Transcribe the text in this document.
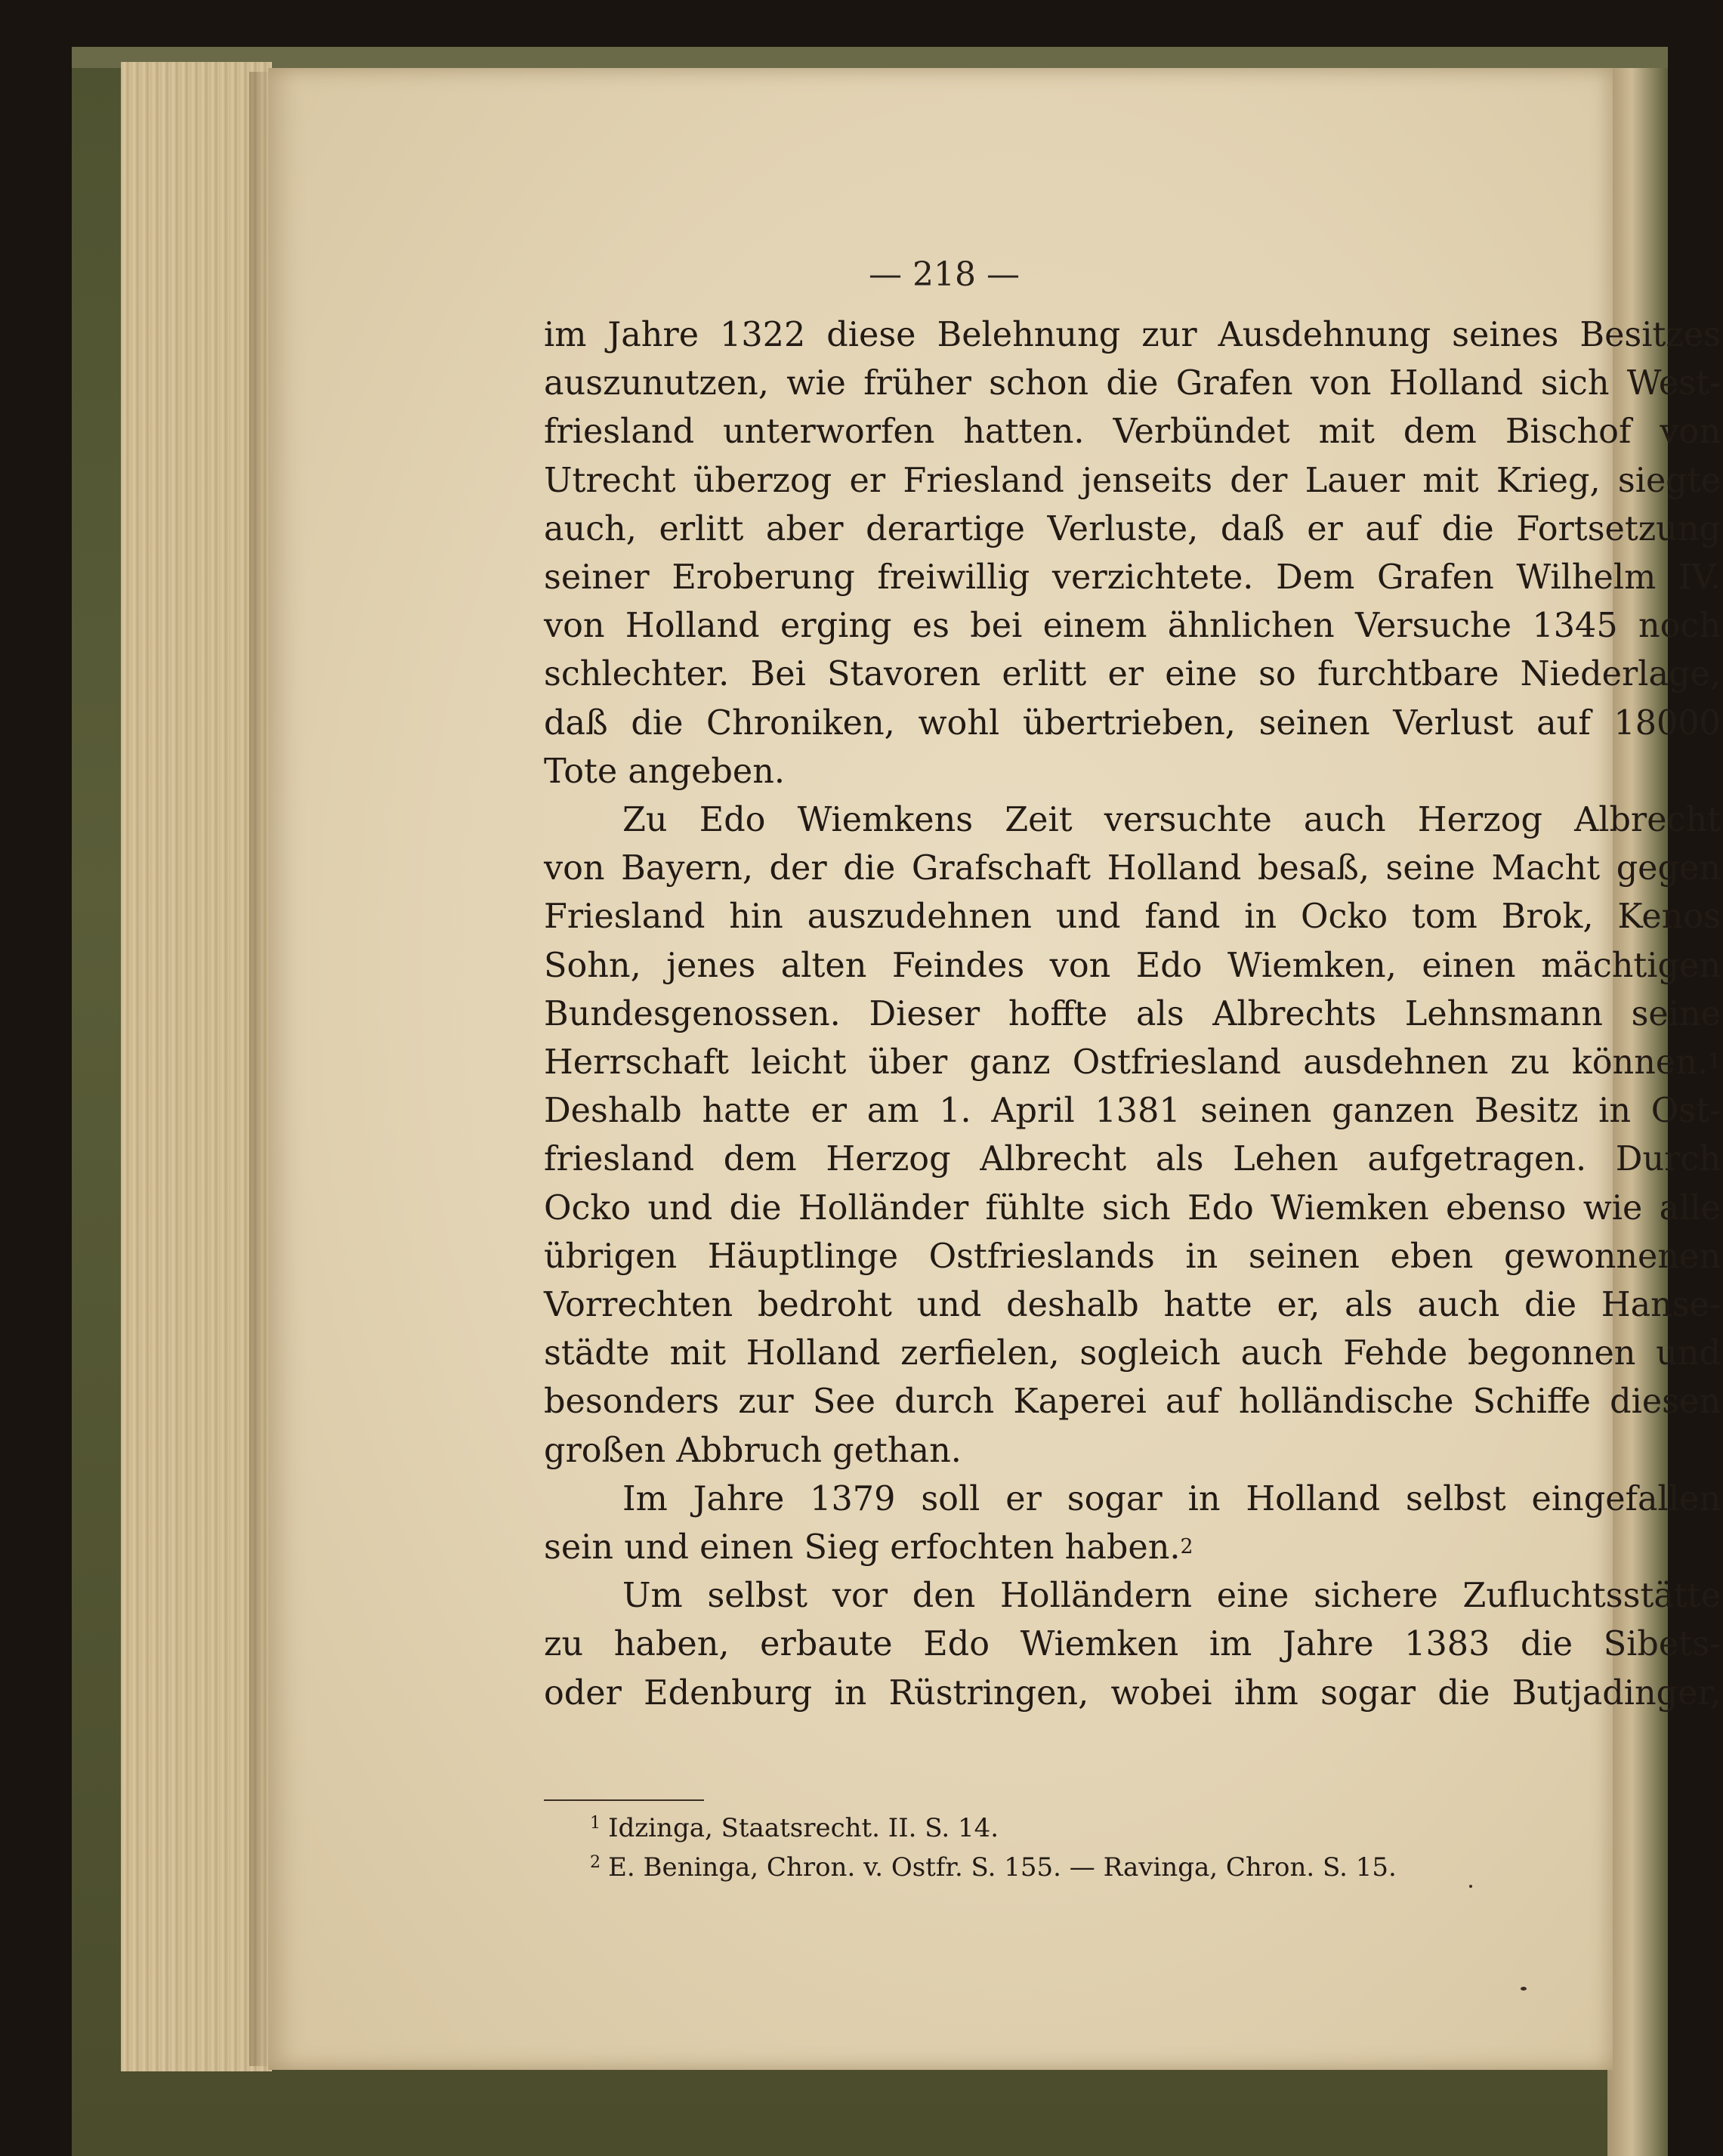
— 218 —
im Jahre 1322 diese Belehnung zur Ausdehnung seines Besitzes
auszunutzen, wie früher schon die Grafen von Holland sich West-
friesland unterworfen hatten. Verbündet mit dem Bischof von
Utrecht überzog er Friesland jenseits der Lauer mit Krieg, siegte
auch, erlitt aber derartige Verluste, daß er auf die Fortsetzung
seiner Eroberung freiwillig verzichtete. Dem Grafen Wilhelm IV.
von Holland erging es bei einem ähnlichen Versuche 1345 noch
schlechter. Bei Stavoren erlitt er eine so furchtbare Niederlage,
daß die Chroniken, wohl übertrieben, seinen Verlust auf 18000
Tote angeben.
Zu Edo Wiemkens Zeit versuchte auch Herzog Albrecht
von Bayern, der die Grafschaft Holland besaß, seine Macht gegen
Friesland hin auszudehnen und fand in Ocko tom Brok, Kenos
Sohn, jenes alten Feindes von Edo Wiemken, einen mächtigen
Bundesgenossen. Dieser hoffte als Albrechts Lehnsmann seine
Herrschaft leicht über ganz Ostfriesland ausdehnen zu können.$^1$
Deshalb hatte er am 1. April 1381 seinen ganzen Besitz in Ost-
friesland dem Herzog Albrecht als Lehen aufgetragen. Durch
Ocko und die Holländer fühlte sich Edo Wiemken ebenso wie alle
übrigen Häuptlinge Ostfrieslands in seinen eben gewonnenen
Vorrechten bedroht und deshalb hatte er, als auch die Hanse-
städte mit Holland zerfielen, sogleich auch Fehde begonnen und
besonders zur See durch Kaperei auf holländische Schiffe diesen
großen Abbruch gethan.
Im Jahre 1379 soll er sogar in Holland selbst eingefallen
sein und einen Sieg erfochten haben.$^2$
Um selbst vor den Holländern eine sichere Zufluchtsstätte
zu haben, erbaute Edo Wiemken im Jahre 1383 die Sibets-
oder Edenburg in Rüstringen, wobei ihm sogar die Butjadinger,
$^1$ Idzinga, Staatsrecht. II. S. 14.
$^2$ E. Beninga, Chron. v. Ostfr. S. 155. — Ravinga, Chron. S. 15.
